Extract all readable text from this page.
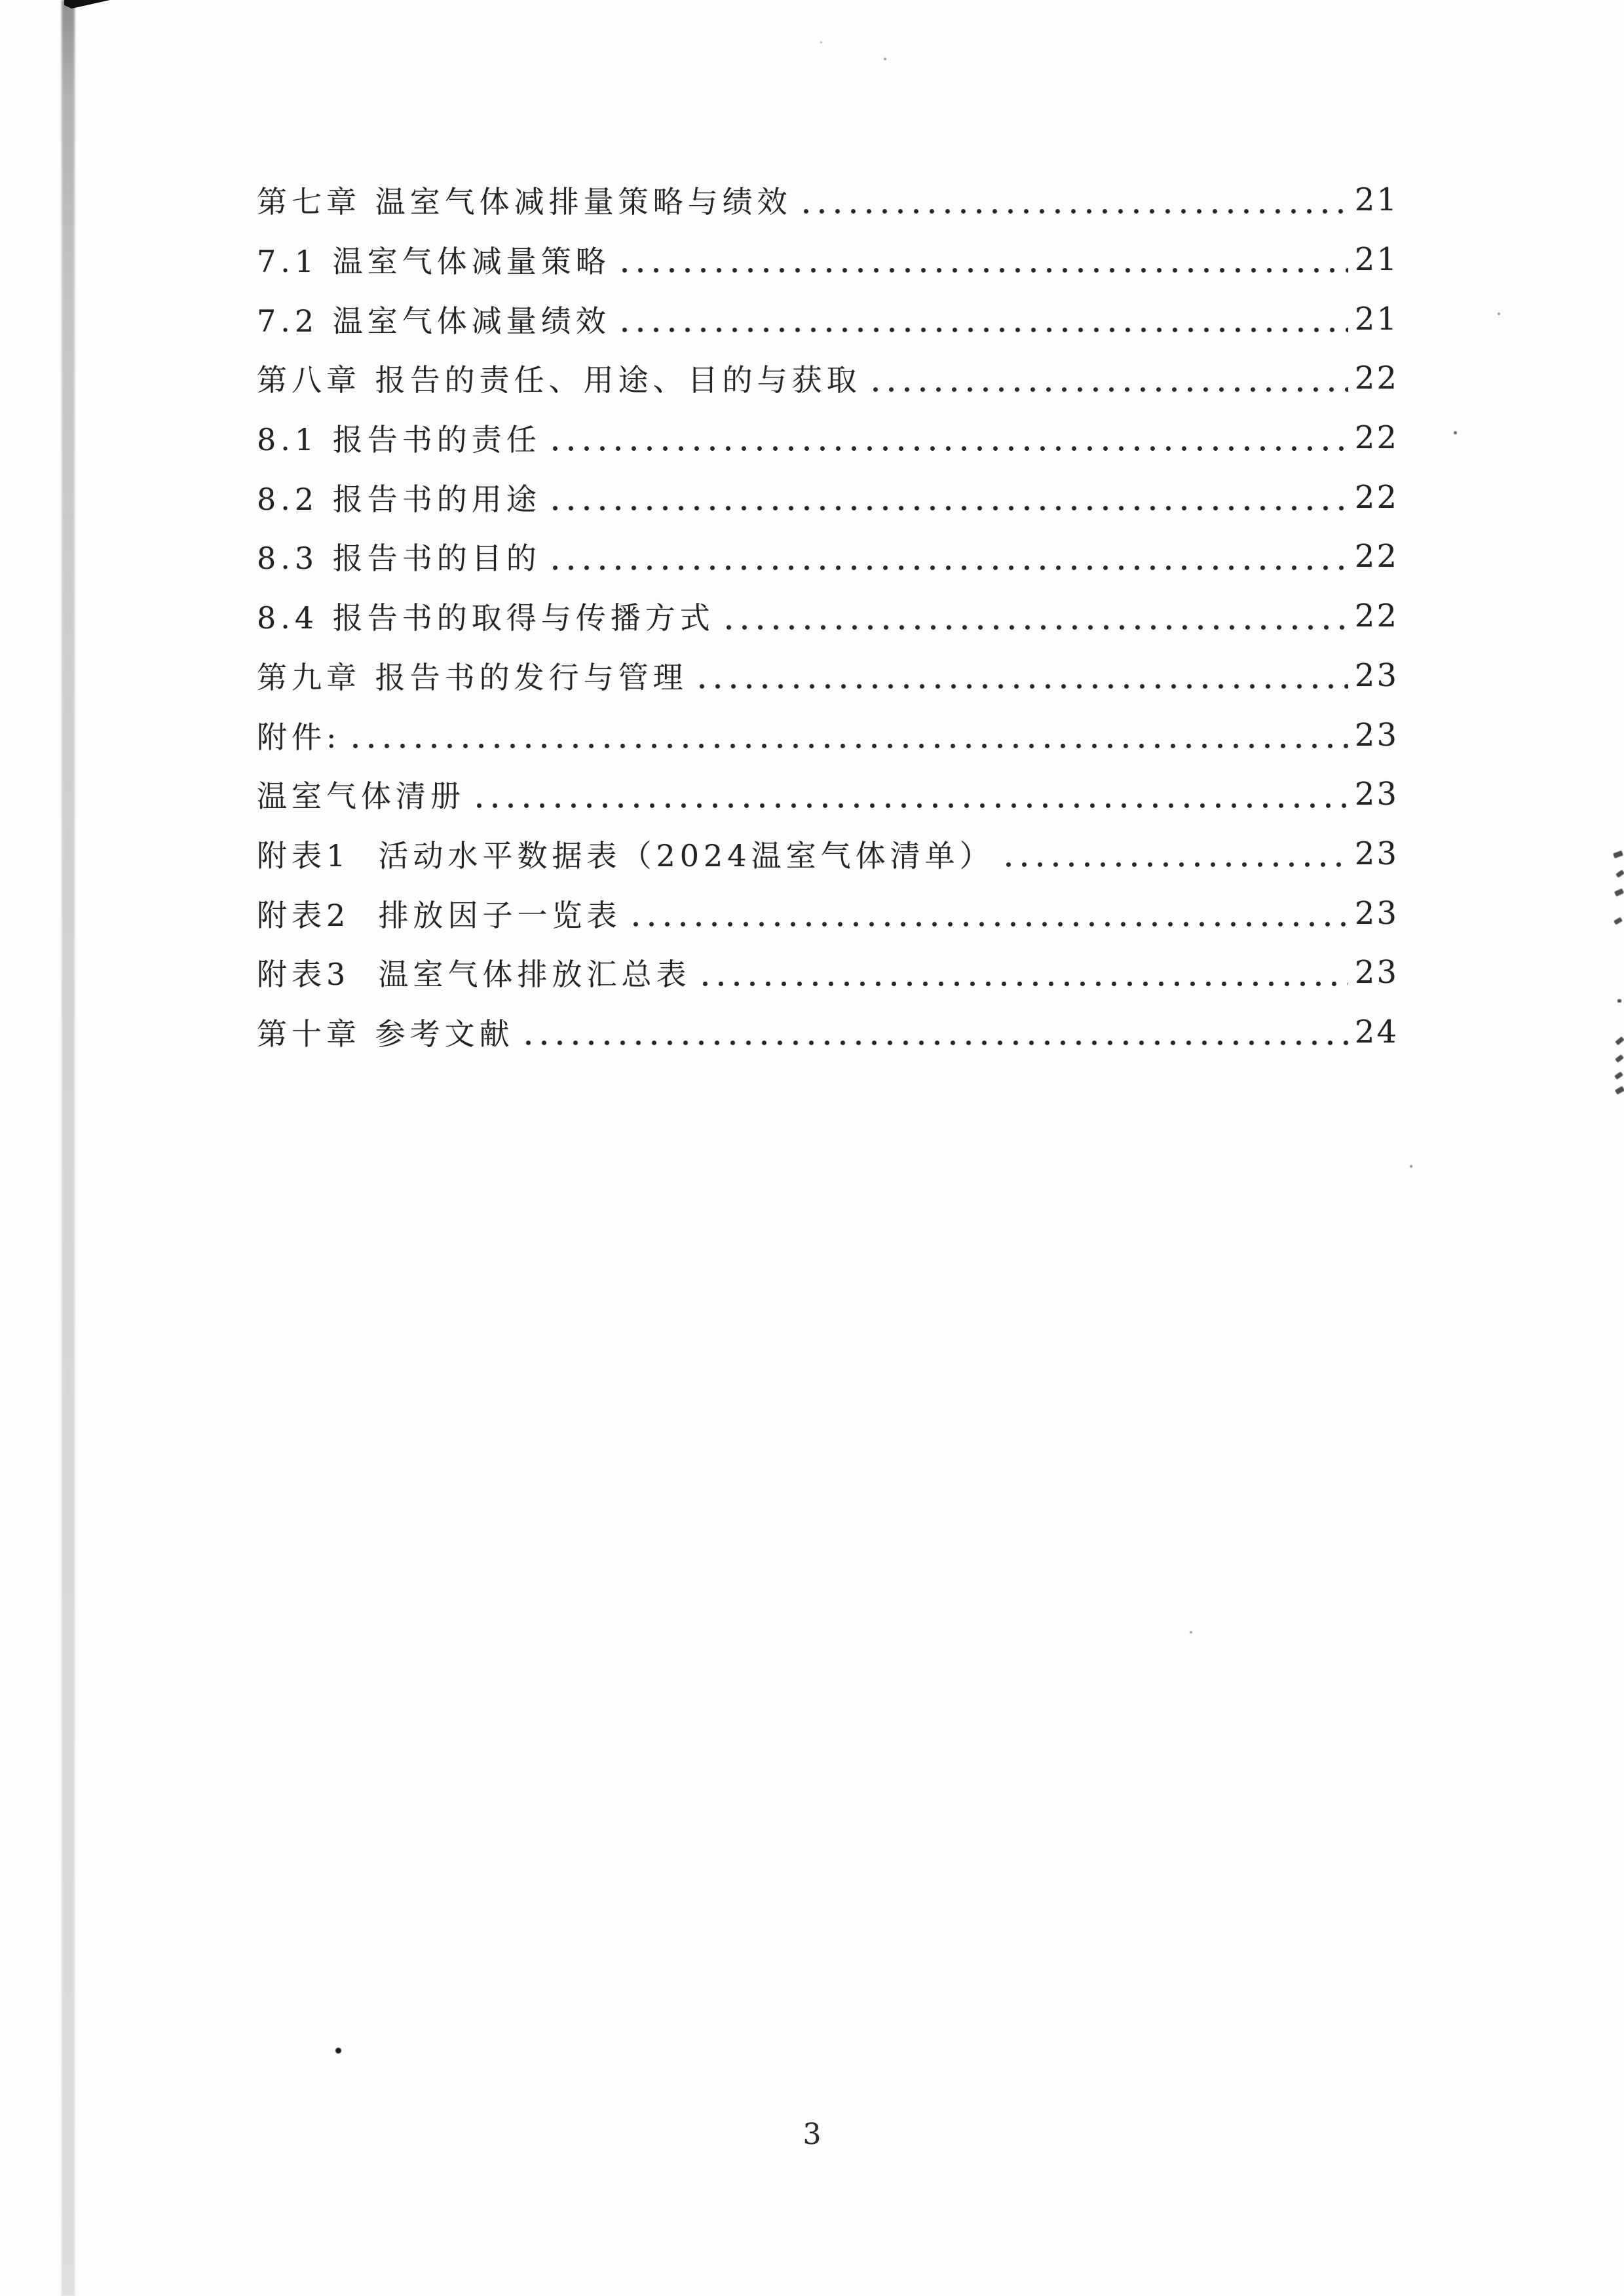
第七章 温室气体减排量策略与绩效	21
7.1 温室气体减量策略	21
7.2 温室气体减量绩效	21
第八章 报告的责任、用途、目的与获取	22
8.1 报告书的责任	22
8.2 报告书的用途	22
8.3 报告书的目的	22
8.4 报告书的取得与传播方式	22
第九章 报告书的发行与管理	23
附件:	23
温室气体清册	23
附表1  活动水平数据表（2024温室气体清单）	23
附表2  排放因子一览表	23
附表3  温室气体排放汇总表	23
第十章 参考文献	24
3
